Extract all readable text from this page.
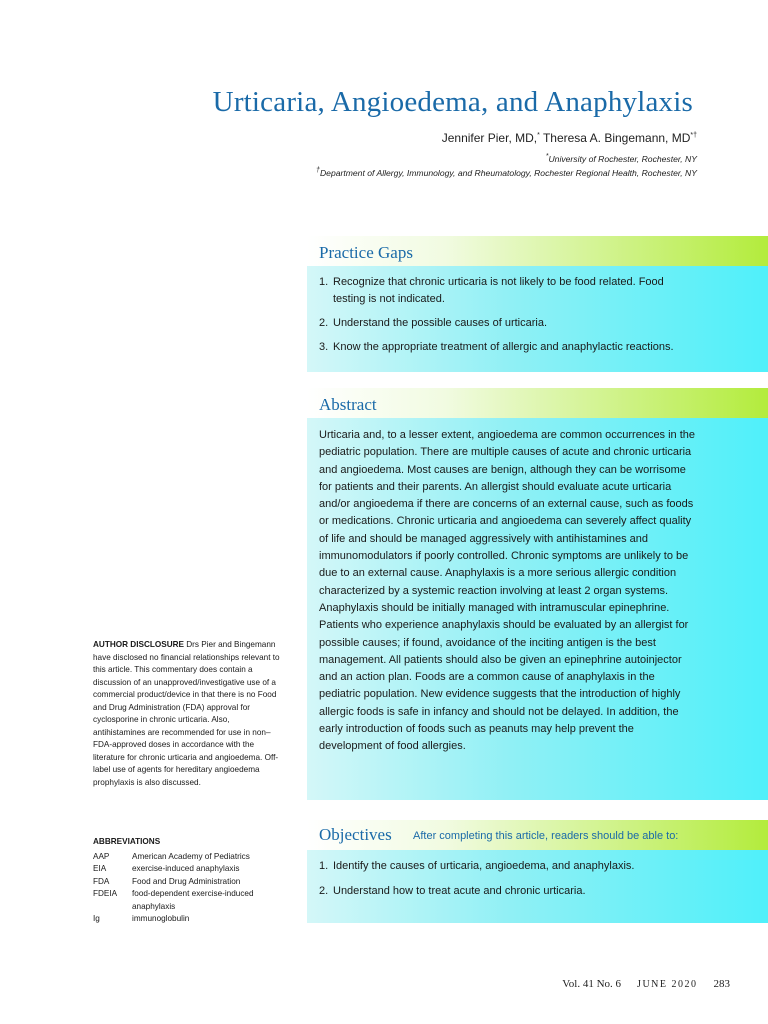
Urticaria, Angioedema, and Anaphylaxis
Jennifer Pier, MD,* Theresa A. Bingemann, MD*†
*University of Rochester, Rochester, NY
†Department of Allergy, Immunology, and Rheumatology, Rochester Regional Health, Rochester, NY
Practice Gaps
1. Recognize that chronic urticaria is not likely to be food related. Food testing is not indicated.
2. Understand the possible causes of urticaria.
3. Know the appropriate treatment of allergic and anaphylactic reactions.
Abstract

Urticaria and, to a lesser extent, angioedema are common occurrences in the pediatric population. There are multiple causes of acute and chronic urticaria and angioedema. Most causes are benign, although they can be worrisome for patients and their parents. An allergist should evaluate acute urticaria and/or angioedema if there are concerns of an external cause, such as foods or medications. Chronic urticaria and angioedema can severely affect quality of life and should be managed aggressively with antihistamines and immunomodulators if poorly controlled. Chronic symptoms are unlikely to be due to an external cause. Anaphylaxis is a more serious allergic condition characterized by a systemic reaction involving at least 2 organ systems. Anaphylaxis should be initially managed with intramuscular epinephrine. Patients who experience anaphylaxis should be evaluated by an allergist for possible causes; if found, avoidance of the inciting antigen is the best management. All patients should also be given an epinephrine autoinjector and an action plan. Foods are a common cause of anaphylaxis in the pediatric population. New evidence suggests that the introduction of highly allergic foods is safe in infancy and should not be delayed. In addition, the early introduction of foods such as peanuts may help prevent the development of food allergies.

Objectives After completing this article, readers should be able to:
1. Identify the causes of urticaria, angioedema, and anaphylaxis.
2. Understand how to treat acute and chronic urticaria.
AUTHOR DISCLOSURE Drs Pier and Bingemann have disclosed no financial relationships relevant to this article. This commentary does contain a discussion of an unapproved/investigative use of a commercial product/device in that there is no Food and Drug Administration (FDA) approval for cyclosporine in chronic urticaria. Also, antihistamines are recommended for use in non–FDA-approved doses in accordance with the literature for chronic urticaria and angioedema. Off-label use of agents for hereditary angioedema prophylaxis is also discussed.
ABBREVIATIONS
AAP	American Academy of Pediatrics
EIA	exercise-induced anaphylaxis
FDA	Food and Drug Administration
FDEIA	food-dependent exercise-induced anaphylaxis
Ig	immunoglobulin
Vol. 41 No. 6 JUNE 2020 283
